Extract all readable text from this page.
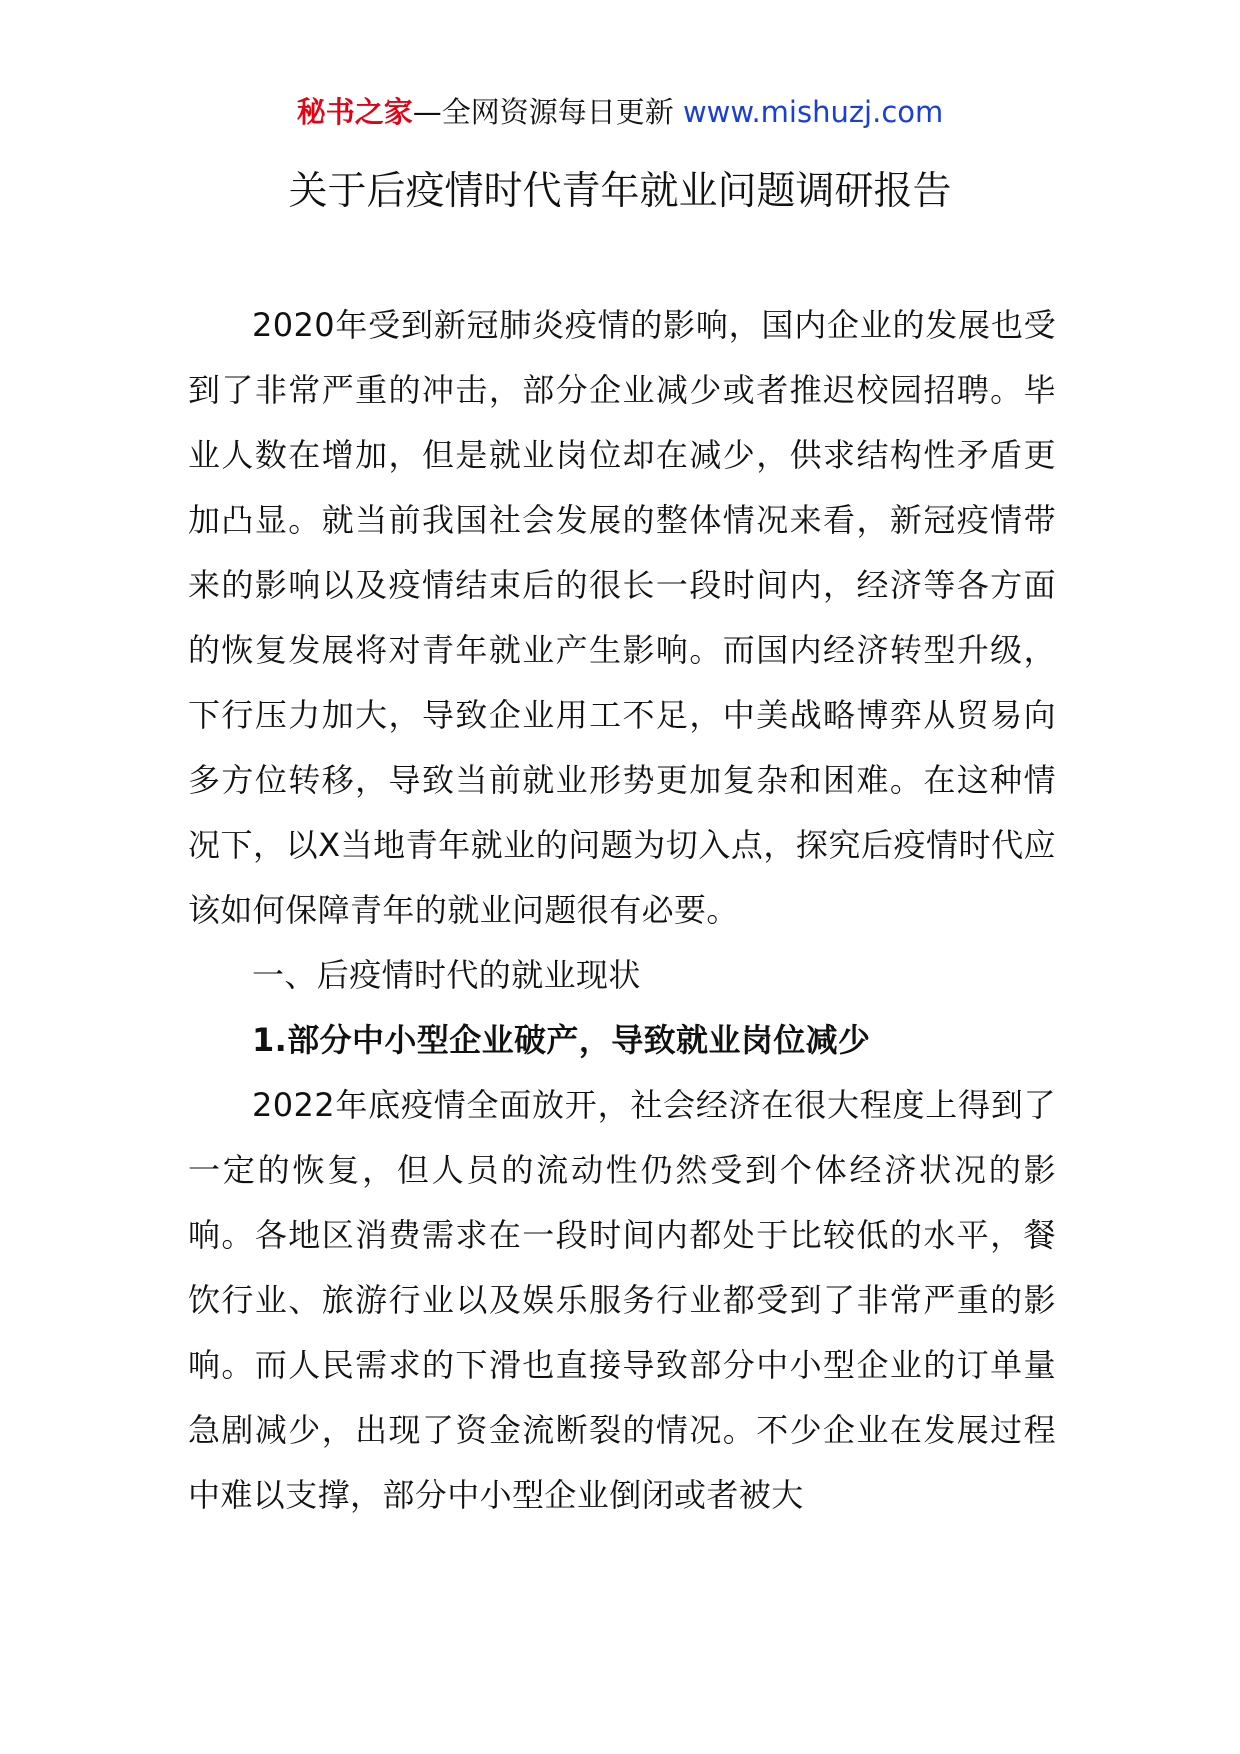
秘书之家—全网资源每日更新 www.mishuzj.com
关于后疫情时代青年就业问题调研报告

2020年受到新冠肺炎疫情的影响，国内企业的发展也受到了非常严重的冲击，部分企业减少或者推迟校园招聘。毕业人数在增加，但是就业岗位却在减少，供求结构性矛盾更加凸显。就当前我国社会发展的整体情况来看，新冠疫情带来的影响以及疫情结束后的很长一段时间内，经济等各方面的恢复发展将对青年就业产生影响。而国内经济转型升级，下行压力加大，导致企业用工不足，中美战略博弈从贸易向多方位转移，导致当前就业形势更加复杂和困难。在这种情况下，以X当地青年就业的问题为切入点，探究后疫情时代应该如何保障青年的就业问题很有必要。

一、后疫情时代的就业现状

1.部分中小型企业破产，导致就业岗位减少

2022年底疫情全面放开，社会经济在很大程度上得到了一定的恢复，但人员的流动性仍然受到个体经济状况的影响。各地区消费需求在一段时间内都处于比较低的水平，餐饮行业、旅游行业以及娱乐服务行业都受到了非常严重的影响。而人民需求的下滑也直接导致部分中小型企业的订单量急剧减少，出现了资金流断裂的情况。不少企业在发展过程中难以支撑，部分中小型企业倒闭或者被大
